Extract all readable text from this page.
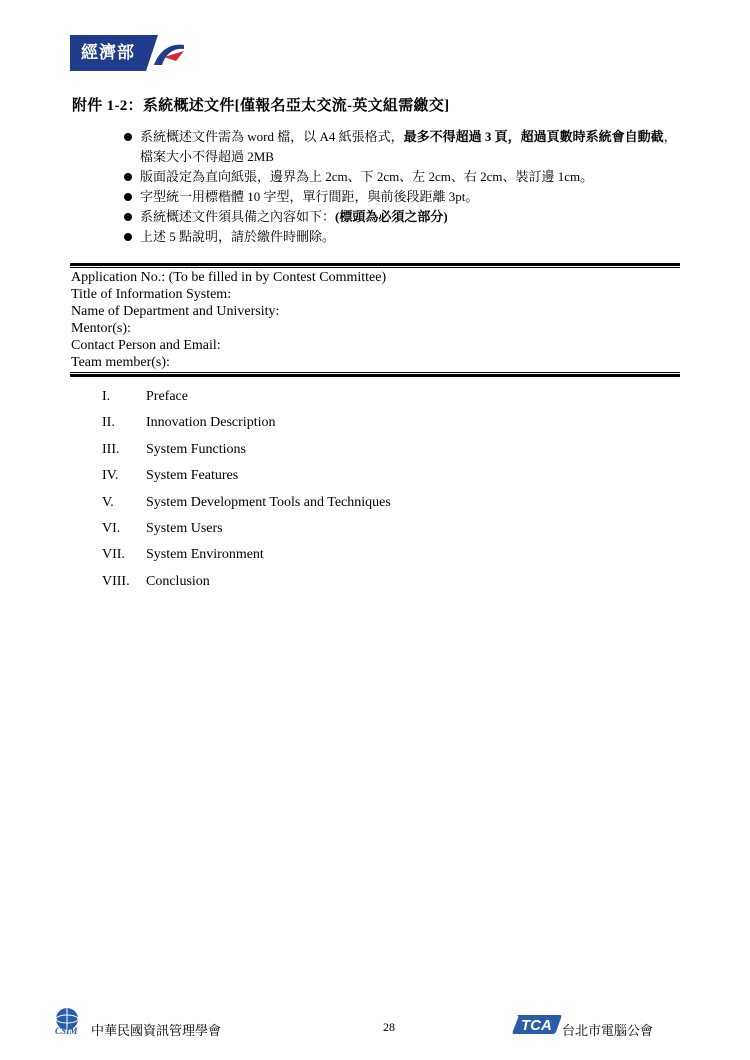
經濟部
附件 1-2：系統概述文件[僅報名亞太交流-英文組需繳交]
系統概述文件需為 word 檔，以 A4 紙張格式，最多不得超過 3 頁，超過頁數時系統會自動截，檔案大小不得超過 2MB
版面設定為直向紙張，邊界為上 2cm、下 2cm、左 2cm、右 2cm、裝訂邊 1cm。
字型統一用標楷體 10 字型，單行間距，與前後段距離 3pt。
系統概述文件須具備之內容如下：(標頭為必須之部分)
上述 5 點說明，請於繳件時刪除。
Application No.: (To be filled in by Contest Committee)
Title of Information System:
Name of Department and University:
Mentor(s):
Contact Person and Email:
Team member(s):
I.	Preface
II. Innovation Description
III. System Functions
IV. System Features
V. System Development Tools and Techniques
VI. System Users
VII. System Environment
VIII. Conclusion
CSIM 中華民國資訊管理學會	28	TCA 台北市電腦公會
